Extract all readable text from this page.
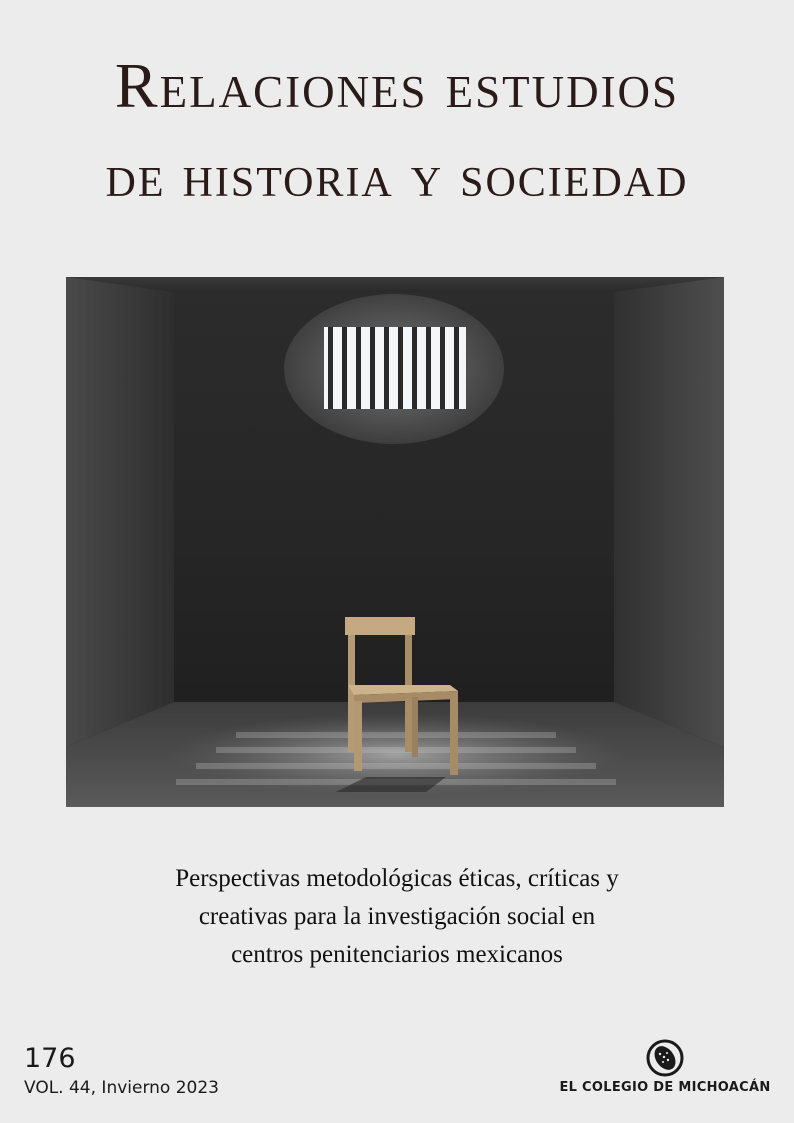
Relaciones estudios
de historia y sociedad
Perspectivas metodológicas éticas, críticas y
creativas para la investigación social en
centros penitenciarios mexicanos
176
VOL. 44, Invierno 2023	EL COLEGIO DE MICHOACÁN
